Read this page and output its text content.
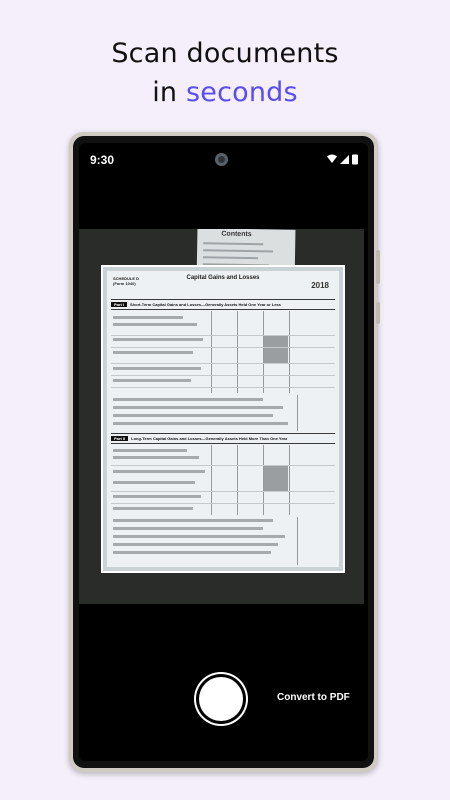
Scan documents
in seconds
9:30
Contents
SCHEDULE D
(Form 1040)
Capital Gains and Losses
2018
Part I Short-Term Capital Gains and Losses—Generally Assets Held One Year or Less
Part II Long-Term Capital Gains and Losses—Generally Assets Held More Than One Year
Convert to PDF
